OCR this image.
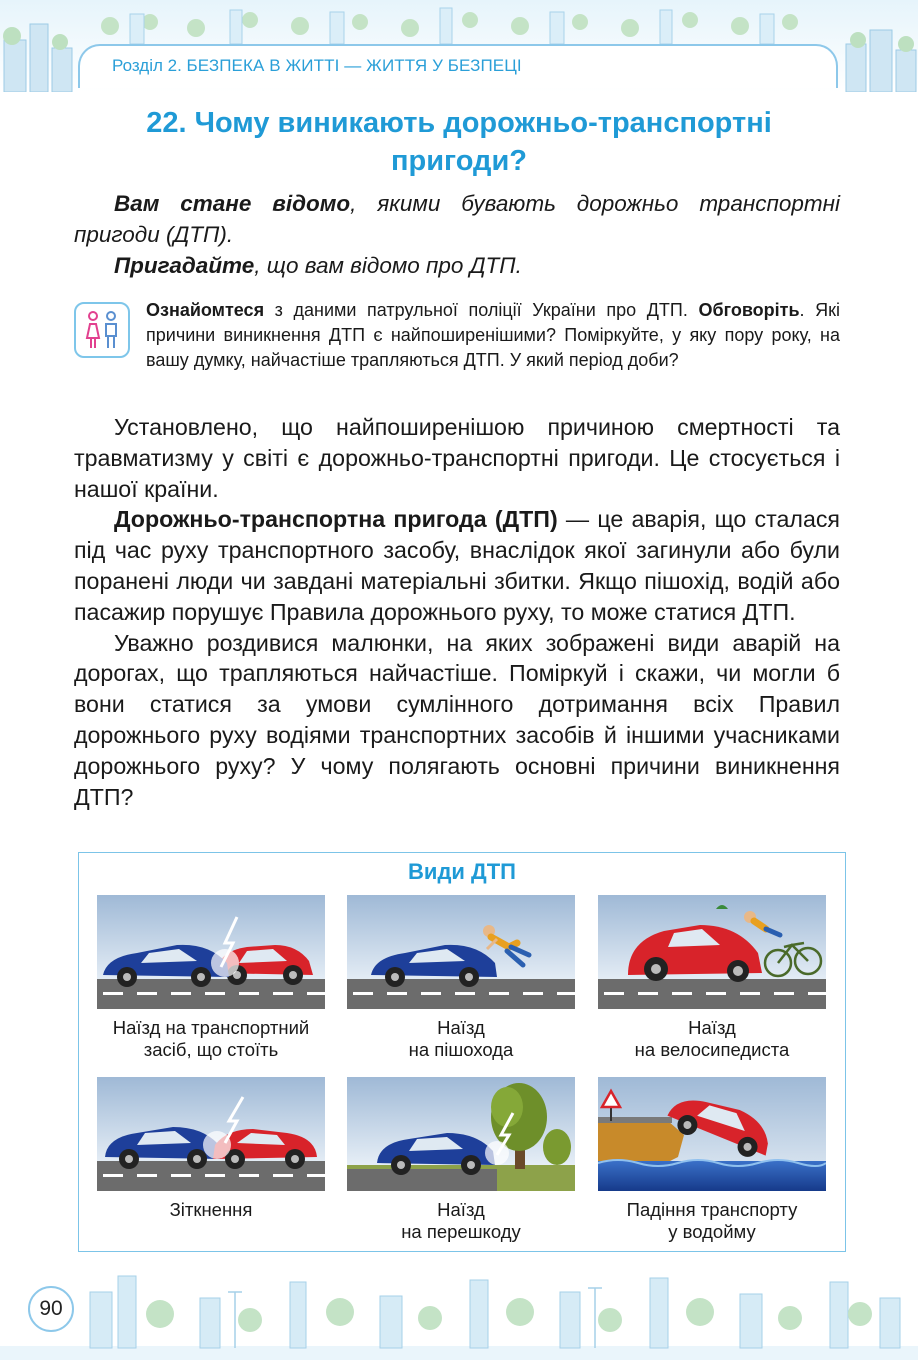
Розділ 2. БЕЗПЕКА В ЖИТТІ — ЖИТТЯ У БЕЗПЕЦІ
22. Чому виникають дорожньо-транспортні
пригоди?

Вам стане відомо, якими бувають дорожньо транспортні пригоди (ДТП).

Пригадайте, що вам відомо про ДТП.

Ознайомтеся з даними патрульної поліції України про ДТП. Обговоріть. Які причини виникнення ДТП є найпоширенішими? Поміркуйте, у яку пору року, на вашу думку, найчастіше трапляються ДТП. У який період доби?

Установлено, що найпоширенішою причиною смертності та травматизму у світі є дорожньо-транспортні пригоди. Це стосується і нашої країни.

Дорожньо-транспортна пригода (ДТП) — це аварія, що сталася під час руху транспортного засобу, внаслідок якої загинули або були поранені люди чи завдані матеріальні збитки. Якщо пішохід, водій або пасажир порушує Правила дорожнього руху, то може статися ДТП.

Уважно роздивися малюнки, на яких зображені види аварій на дорогах, що трапляються найчастіше. Поміркуй і скажи, чи могли б вони статися за умови сумлінного дотримання всіх Правил дорожнього руху водіями транспортних засобів й іншими учасниками дорожнього руху? У чому полягають основні причини виникнення ДТП?

Види ДТП
Наїзд на транспортний
засіб, що стоїть
Наїзд
на пішохода
Наїзд
на велосипедиста
Зіткнення	Наїзд
на перешкоду
Падіння транспорту
у водойму
90
